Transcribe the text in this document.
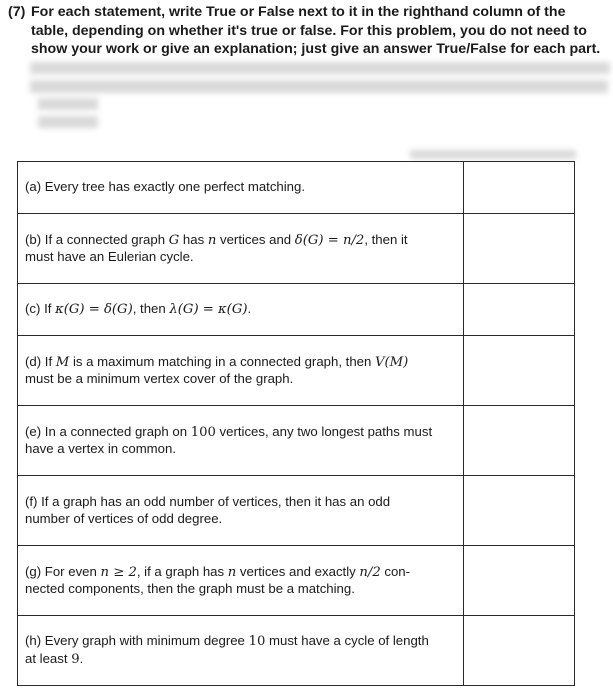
(7) For each statement, write True or False next to it in the righthand column of the
table, depending on whether it's true or false. For this problem, you do not need to
show your work or give an explanation; just give an answer True/False for each part.
(a) Every tree has exactly one perfect matching.	
(b) If a connected graph G has n vertices and δ(G) = n/2, then it
must have an Eulerian cycle.	
(c) If κ(G) = δ(G), then λ(G) = κ(G).	
(d) If M is a maximum matching in a connected graph, then V(M)
must be a minimum vertex cover of the graph.	
(e) In a connected graph on 100 vertices, any two longest paths must
have a vertex in common.	
(f) If a graph has an odd number of vertices, then it has an odd
number of vertices of odd degree.	
(g) For even n ≥ 2, if a graph has n vertices and exactly n/2 con-
nected components, then the graph must be a matching.	
(h) Every graph with minimum degree 10 must have a cycle of length
at least 9.	
